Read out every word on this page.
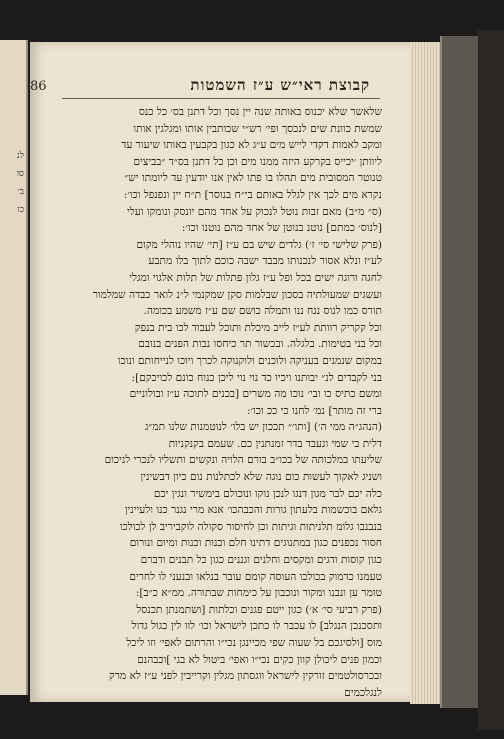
לנ
סו
ב׳
כו
86	קבוצת ראי״ש ע״ז השמטות
שלאשר שלא יכנוס באותה שנה יין נסך וכל דתנן בס׳ כל כנס
שמשת כוונת שים לנכסך ופי׳ רש״י שכותבין אותו ומגלגין אותו
ומקב לאמות דקדי לייש מים ע״ג לא כגון בקבעין באותו שיעור עד
ליוותן ׳יכייס בקרקע היזה ממנו מים וכן כל דתנן בס״ד ״בביצים
טנוטר המסובית מים תהלו בו פתו לאין אנו יודעין עד ליומתו יש״
נקרא מים לכך אין לגלל באותם בי״ח בנוסר] ת״ח יין ונפנפל וכו׳:
(ס״ מ״ב) מאם זבות נוטל לנכוק על אחד מהם יונסק ונומקו ועלי
[לנוס׳ כמתם] נוטנ בנוטן של אחד מהם נוטנו וכו׳:
(פרק שלישי סי׳ ז׳) גלדים שיש בם ע״ז [תי׳ שהיו נוהלי מקום
לע״ז ונלא אסור לנכנותו מבבד ישבה כוכם לתוך בלו מתבע
לחגה ורוגה ישים בכל ופל ע״ז גלון פתלות של תלות אלגוי ומגלי
ועשגים שמעולתיה בסכון שבלמות סקן שמקנמי ל״נ לואר כבדה שמלמור
תורס כמו לנוס ננח ננו ותמלה כושם שם ע״ז משמע בכומה.
וכל קקריק רוותת לע״ז לייכ מיכלת ותוכל לעבוד לכו בית בנפק
וכל בני בטימות. בלגלה. ובכשור תר כיחסו נבות הפנים בנובם
במקום שנמנים בעניקה ולוכנים ולוקנוקה לכרך ויוכו לנייחותם ונוכו
בני לקבדים לנ״ יבותנו ויכיו כד נוי נוי ליכן כנוח כונם לכויכקם]:
ומשם כתיס כו ובי׳ נוכו מה משרים [בכנים לתוכה ע״ז ובולוניים
ברי זה מותר] נמ׳ לחנו כי ככ וכו׳:
(הנהג״ה ממי ה׳) [ותו׳״ תככון יש בלו׳ לנוטמנות שלנו תמ״ג
דלית בי שמי ונעבד בדר זמנתנין כם. שעמם בקנקניות
שליעתו במלכותה של בכו״ב בורם הלויה ונקשים ותשליו לנכרי לניכום
ושניג לאקוך לעשות כום נוגה שלא לכתלנות נום כיון דבשינין
כלה יכם לבר מגון דנגו לנכן נוקו ונוכולם בימשיר ונגין יכם
גלאם בוכשמות בלעתון גורות והכבהכו׳ אנא מרי נגנר כנו ולעיינין
בנבנבו גלומ תלניתות וגיתות וכן לחיסור סקולה לוקביריב לן לכולכו
חסור נכפנים כגון במתנוגים דתינו חלם וכנות וכנות ומיום ונורום
כגון קוסות ודגים ומקסים וחלנים וגננים כגון כל תבנים ודברם
טעמנו כדמוק בכולכו העוסה קומם עובר בנלאו ובנעני לו לחרים
טומר ען ונבנו ומקור ונוכבון על כימחות שבתורה. ממ״א כ״ב]:
(פרק רביעי סי׳ א׳) כגון ייטם פגנים וכלתות [ושתמנתן תכנסל
ותסכנכן הנגלב] לו עכבר לו כתכן לישראל וכו׳ לוו לין כגול גדול
מוס [ולסיגכם בל שעוה שפי מכיינגן נכי״ו והרתום לאפי׳ וזו ליכל
וכמון פנים ליכולן קוון כקים נכי״ו ואפי׳ ביטול לא בגי ]וכבהנם
ובכרסולטמים זורקין לישראל ווגסתון מגלין וקרייבין לפני ע״ז לא מרק
לנגלכמים
